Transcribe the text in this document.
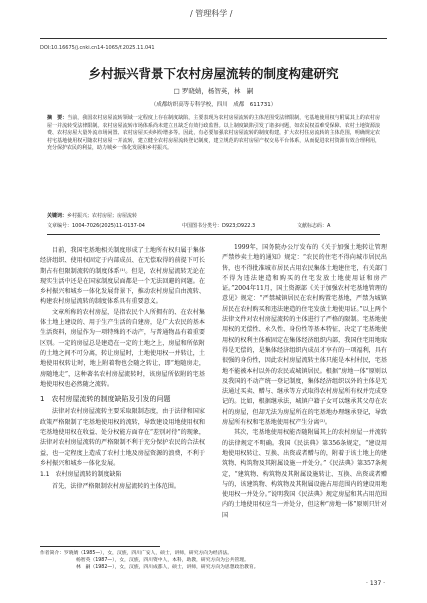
/ 管理科学 /
DOI:10.16675/j.cnki.cn14-1065/f.2025.11.041
乡村振兴背景下农村房屋流转的制度构建研究
□ 罗晓婧，杨智英，林　嗣
（成都纺织高等专科学校，四川　成都　611731）
摘　要：当前，我国农村房屋流转领域一定程度上存在制度缺陷，主要表现为农村房屋流转的主体范围受法律限制，宅基地使用权与附属其上的农村房屋一并流转受法律限制。农村房屋流转市场体系尚未建立且缺乏有效行政监督。以上制度缺陷引发了诸多问题，如农民权益难受保障、农村土地资源浪费、农村房屋大量外流市场闲置、农村房屋买卖纠纷增多等。因此，有必要加强农村房屋流转的制度构建，扩大农村住房流转的主体范围，明确规定农村宅基地使用权可随农村房屋一并流转，建立健全农村房屋流转登记制度，建立规范的农村房屋产权交易平台体系，从而促进农村资源有效合理利用，充分保护农民的利益，助力城乡一体化发展和乡村振兴。
关键词：乡村振兴；农村房屋；房屋流转
文章编号：1004-7026(2025)11-0137-04	中国图书分类号：D923;D922.3	文献标志码：A

目前，我国宅基地相关制度形成了土地所有权归属于集体经济组织、使用权固定于内部成员、在无偿取得的前提下可长期占有但限制流转的制度体系⁽¹⁾。但是，农村房屋流转无论在现实生活中还是在国家制度层面都是一个无法回避的问题。在乡村振兴和城乡一体化发展背景下，推动农村房屋自由流转、构建农村房屋流转的制度体系具有重要意义。

文章所称的农村房屋，是指农民个人所拥有的、在农村集体土地上建设的、用于生产生活的自建房，是广大农民的基本生活资料，房屋作为一项特殊的不动产，与普通物品有着重要区别。一定的房屋总是建造在一定的土地之上，房屋和所依附的土地之间不可分离，转让房屋时，土地使用权一并转让，土地使用权转让时，地上附着物也会随之转让，即“地随房走，房随地走”，这种著名农村房屋流转时，该房屋所依附的宅基地使用权也必然随之流转。

1　农村房屋流转的制度缺陷及引发的问题

法律对农村房屋流转主要采取限制态度，由于法律和国家政策严格限制了宅基地使用权的流转，导致建设用地使用权和宅基地使用权在收益、处分权能方面存在“差别对待”的现象，法律对农村房屋流转的严格限制不利于充分保护农民的合法权益，也一定程度上造成了农村土地及房屋资源的浪费，不利于乡村振兴和城乡一体化发展。

1.1　农村房屋流转的制度缺陷

首先，法律严格限制农村房屋流转的主体范围。

1999年，国务院办公厅发布的《关于加强土地转让管理严禁炒卖土地的通知》规定：“农民的住宅不得向城市居民出售，也不得批准城市居民占用农民集体土地建住宅，有关部门不得为违法建造和购买的住宅发放土地使用证和房产证。”2004年11月，国土资源部《关于加强农村宅基地管理的意见》规定：“严禁城镇居民在农村购置宅基地，严禁为城镇居民在农村购买和违法建造的住宅发放土地使用证。”以上两个法律文件对农村房屋流转的主体进行了严格的限制。宅基地使用权的无偿性、永久性、身份性等基本特征，决定了宅基地使用权的权利主体被固定在集体经济组织内部，我国住宅用地取得是无偿的，是集体经济组织内成员才享有的一项福利，具有很强的身份性，因此农村房屋流转主体只能是本村村民，宅基地不能被本村以外的农民或城镇居民。根据“房地一体”原则以及我国的不动产统一登记制度，集体经济组织以外的主体是无法通过买卖、赠与、继承等方式取得农村房屋所有权并完成登记的。比如，根据继承法，城镇户籍子女可以继承其父母在农村的房屋，但却无法为房屋所在的宅基地办理继承登记，导致房屋所有权和宅基地使用权产生分离⁽²⁾。

其次，宅基地使用权能否随附属其上的农村房屋一并流转的法律规定不明确。我国《民法典》第356条规定，“建设用地使用权转让、互换、出资或者赠与的，附着于该土地上的建筑物、构筑物及其附属设施一并处分。”《民法典》第357条规定，“建筑物、构筑物及其附属设施转让、互换、出资或者赠与的，该建筑物、构筑物及其附属设施占用范围内的建设用地使用权一并处分。”说明我国《民法典》规定房屋和其占用范围内的土地使用权应当一并处分，但这种“房地一体”原则只针对国

作者简介：罗晓婧（1985—），女，汉族，四川广安人，硕士，讲师，研究方向为经济法。
杨智英（1987—），女，汉族，四川资中人，本科，助教，研究方向为公共管理。
林　嗣（1982—），女，汉族，四川成都人，硕士，讲师，研究方向为思想政治教育。
· 137 ·
